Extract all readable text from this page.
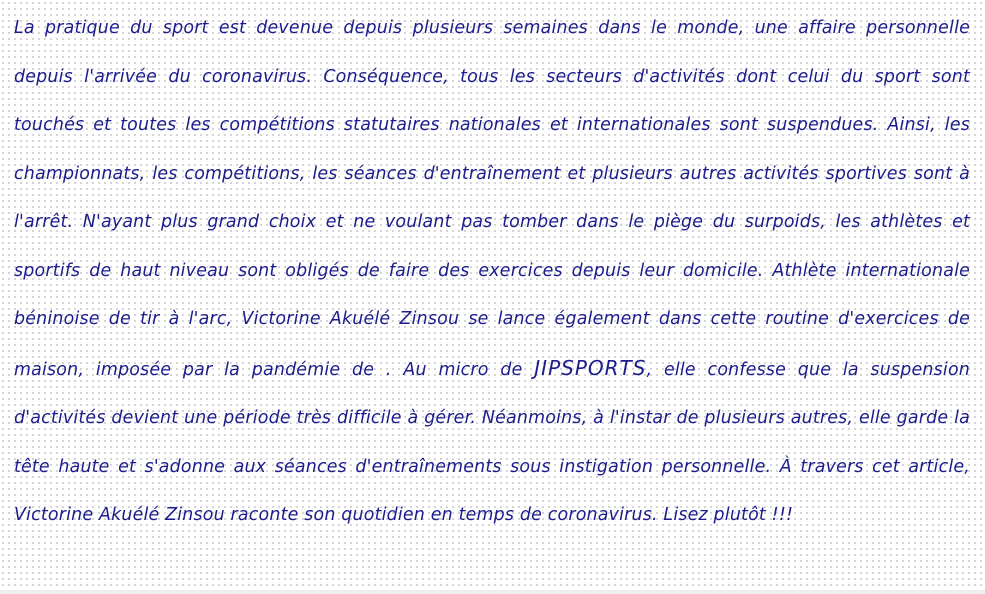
La pratique du sport est devenue depuis plusieurs semaines dans le monde, une affaire personnelle depuis l'arrivée du coronavirus. Conséquence, tous les secteurs d'activités dont celui du sport sont touchés et toutes les compétitions statutaires nationales et internationales sont suspendues. Ainsi, les championnats, les compétitions, les séances d'entraînement et plusieurs autres activités sportives sont à l'arrêt. N'ayant plus grand choix et ne voulant pas tomber dans le piège du surpoids, les athlètes et sportifs de haut niveau sont obligés de faire des exercices depuis leur domicile. Athlète internationale béninoise de tir à l'arc, Victorine Akuélé Zinsou se lance également dans cette routine d'exercices de maison, imposée par la pandémie de . Au micro de JIPSPORTS, elle confesse que la suspension d'activités devient une période très difficile à gérer. Néanmoins, à l'instar de plusieurs autres, elle garde la tête haute et s'adonne aux séances d'entraînements sous instigation personnelle. À travers cet article, Victorine Akuélé Zinsou raconte son quotidien en temps de coronavirus. Lisez plutôt !!!
